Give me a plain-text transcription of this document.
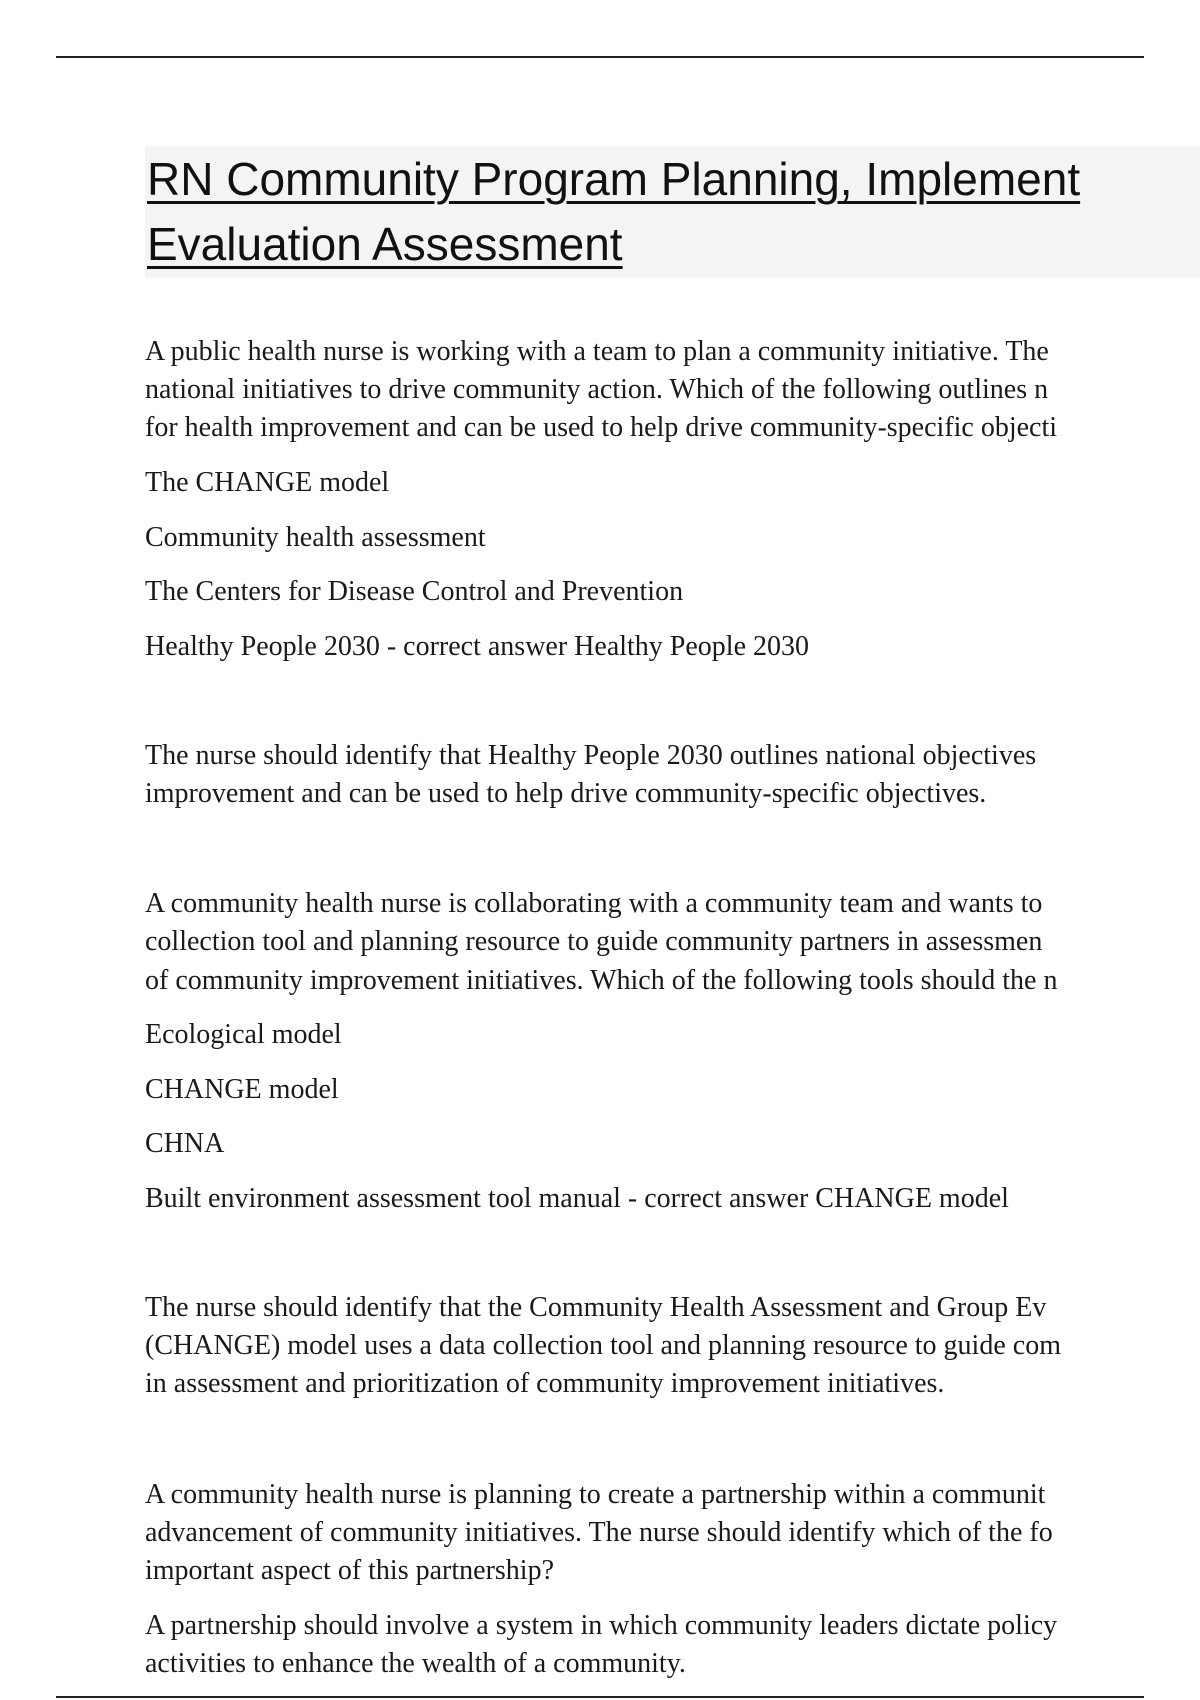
RN Community Program Planning, Implement
Evaluation Assessment
A public health nurse is working with a team to plan a community initiative. The
national initiatives to drive community action. Which of the following outlines n
for health improvement and can be used to help drive community-specific objecti
The CHANGE model
Community health assessment
The Centers for Disease Control and Prevention
Healthy People 2030 - correct answer Healthy People 2030
The nurse should identify that Healthy People 2030 outlines national objectives
improvement and can be used to help drive community-specific objectives.
A community health nurse is collaborating with a community team and wants to
collection tool and planning resource to guide community partners in assessmen
of community improvement initiatives. Which of the following tools should the n
Ecological model
CHANGE model
CHNA
Built environment assessment tool manual - correct answer CHANGE model
The nurse should identify that the Community Health Assessment and Group Ev
(CHANGE) model uses a data collection tool and planning resource to guide com
in assessment and prioritization of community improvement initiatives.
A community health nurse is planning to create a partnership within a communit
advancement of community initiatives. The nurse should identify which of the fo
important aspect of this partnership?
A partnership should involve a system in which community leaders dictate policy
activities to enhance the wealth of a community.
